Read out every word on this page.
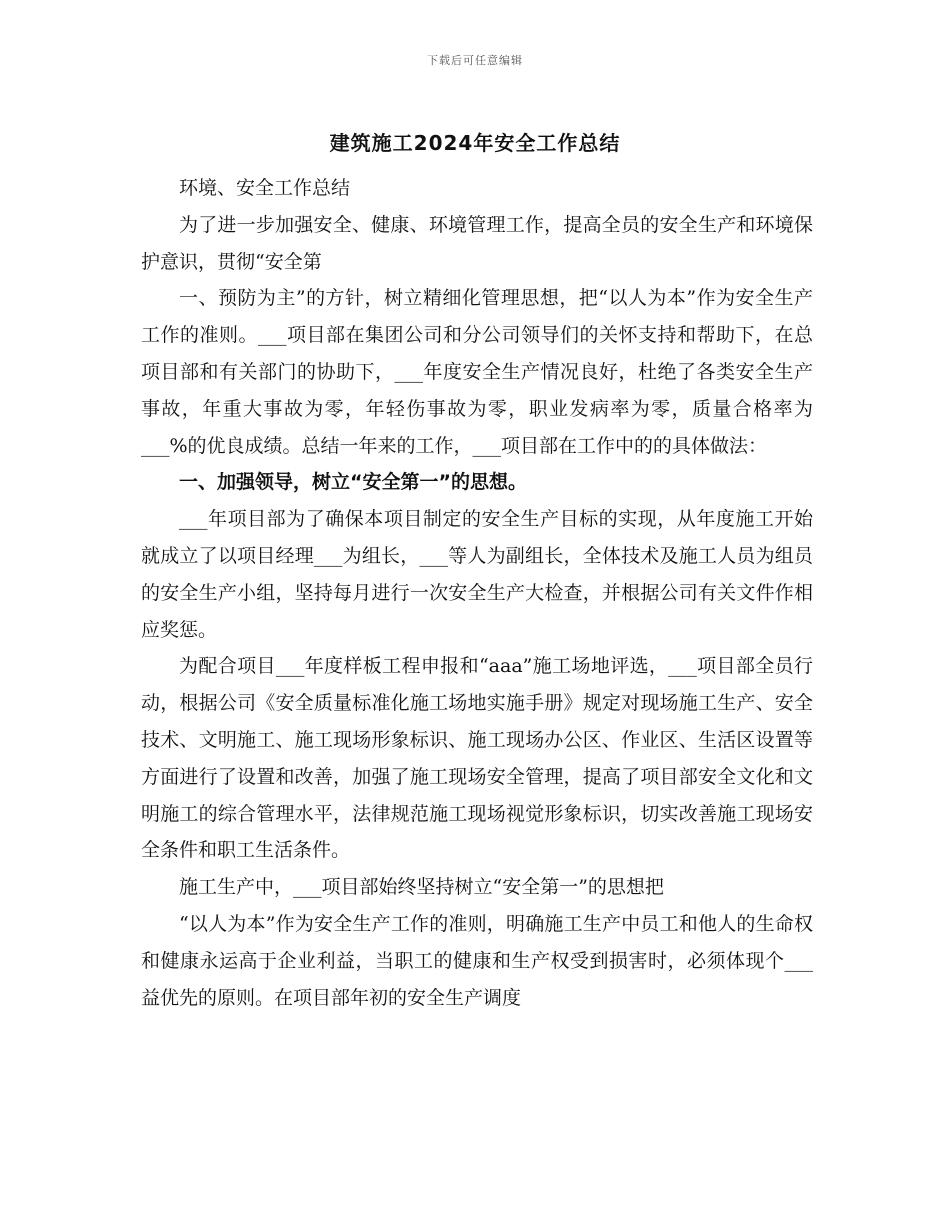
下载后可任意编辑
建筑施工2024年安全工作总结

环境、安全工作总结

为了进一步加强安全、健康、环境管理工作，提高全员的安全生产和环境保护意识，贯彻“安全第

一、预防为主”的方针，树立精细化管理思想，把“以人为本”作为安全生产工作的准则。___项目部在集团公司和分公司领导们的关怀支持和帮助下，在总项目部和有关部门的协助下，___年度安全生产情况良好，杜绝了各类安全生产事故，年重大事故为零，年轻伤事故为零，职业发病率为零，质量合格率为___%的优良成绩。总结一年来的工作，___项目部在工作中的的具体做法：

一、加强领导，树立“安全第一”的思想。

___年项目部为了确保本项目制定的安全生产目标的实现，从年度施工开始就成立了以项目经理___为组长，___等人为副组长，全体技术及施工人员为组员的安全生产小组，坚持每月进行一次安全生产大检查，并根据公司有关文件作相应奖惩。

为配合项目___年度样板工程申报和“aaa”施工场地评选，___项目部全员行动，根据公司《安全质量标准化施工场地实施手册》规定对现场施工生产、安全技术、文明施工、施工现场形象标识、施工现场办公区、作业区、生活区设置等方面进行了设置和改善，加强了施工现场安全管理，提高了项目部安全文化和文明施工的综合管理水平，法律规范施工现场视觉形象标识，切实改善施工现场安全条件和职工生活条件。

施工生产中，___项目部始终坚持树立“安全第一”的思想把

“以人为本”作为安全生产工作的准则，明确施工生产中员工和他人的生命权和健康永运高于企业利益，当职工的健康和生产权受到损害时，必须体现个___益优先的原则。在项目部年初的安全生产调度
